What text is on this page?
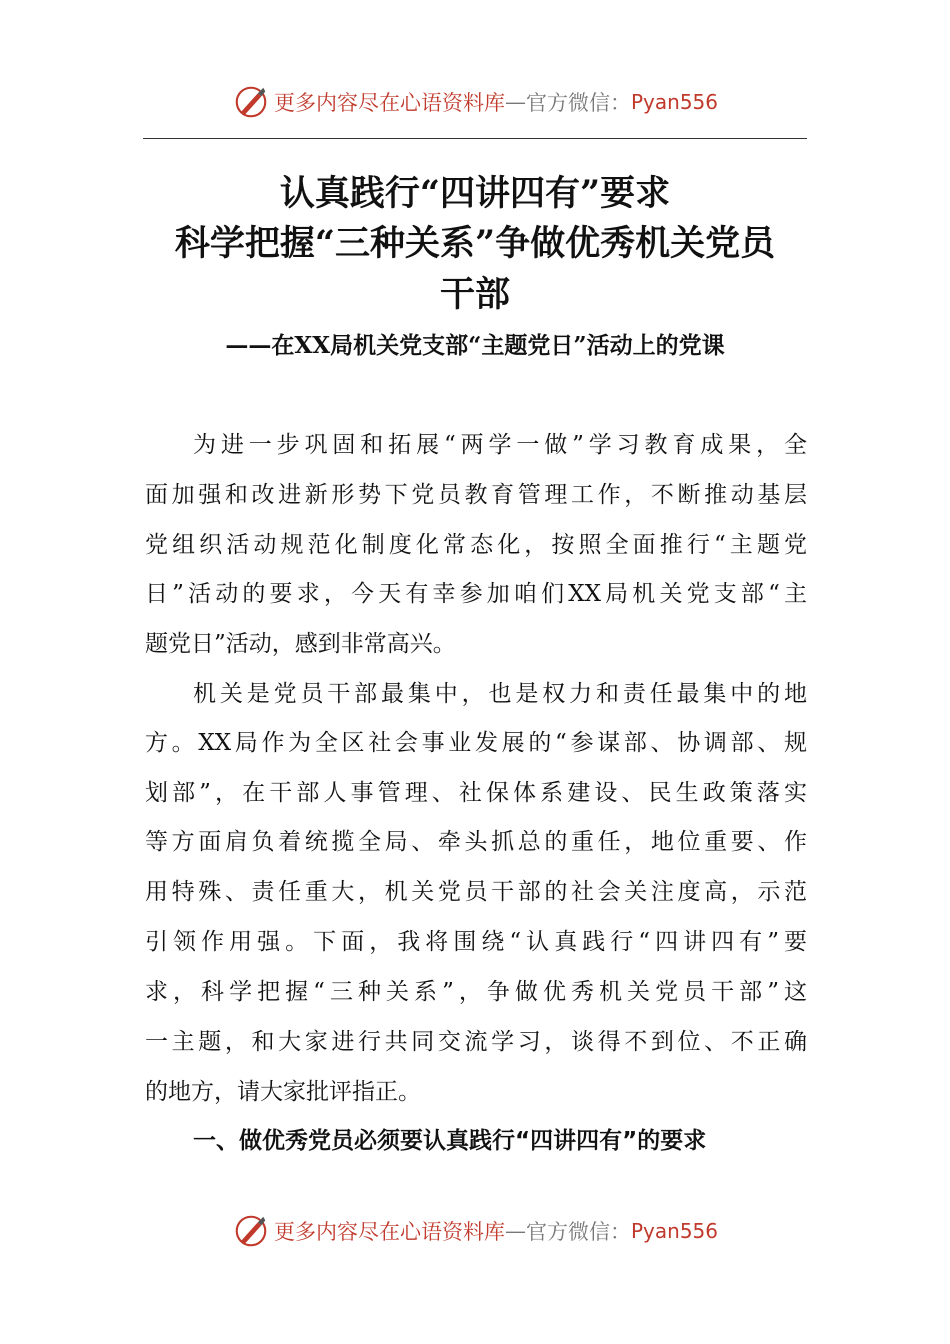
更多内容尽在心语资料库 — 官方微信： Pyan556
认真践行“四讲四有”要求
科学把握“三种关系”争做优秀机关党员
干部
——在XX局机关党支部“主题党日”活动上的党课
为进一步巩固和拓展“两学一做”学习教育成果，全
面加强和改进新形势下党员教育管理工作，不断推动基层
党组织活动规范化制度化常态化，按照全面推行“主题党
日”活动的要求，今天有幸参加咱们XX局机关党支部“主
题党日”活动，感到非常高兴。
机关是党员干部最集中，也是权力和责任最集中的地
方。XX局作为全区社会事业发展的“参谋部、协调部、规
划部”，在干部人事管理、社保体系建设、民生政策落实
等方面肩负着统揽全局、牵头抓总的重任，地位重要、作
用特殊、责任重大，机关党员干部的社会关注度高，示范
引领作用强。下面，我将围绕“认真践行“四讲四有”要
求，科学把握“三种关系”，争做优秀机关党员干部”这
一主题，和大家进行共同交流学习，谈得不到位、不正确
的地方，请大家批评指正。
一、做优秀党员必须要认真践行“四讲四有”的要求
更多内容尽在心语资料库 — 官方微信： Pyan556
